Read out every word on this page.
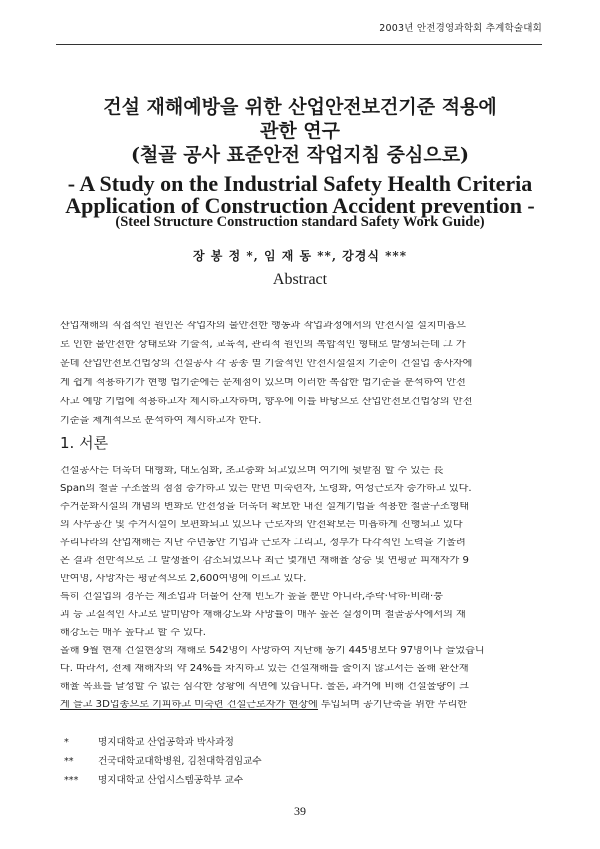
2003년 안전경영과학회 추계학술대회
건설 재해예방을 위한 산업안전보건기준 적용에
관한 연구
(철골 공사 표준안전 작업지침 중심으로)
- A Study on the Industrial Safety Health Criteria
Application of Construction Accident prevention -
(Steel Structure Construction standard Safety Work Guide)
장 봉 정 *, 임 재 동 **, 강경식 ***
Abstract
산업재해의 직접적인 원인은 작업자의 불안전한 행동과 작업과정에서의 안전시설 설치미흡으
로 인한 불안전한 상태로와 기술적, 교육적, 관리적 원인의 복합적인 형태로 발생되는데 그 가
운데 산업안전보건법상의 건설공사 각 공종 별 기술적인 안전시설설치 기준이 건설업 종사자에
게 쉽게 적용하기가 현행 법기준에는 문제점이 있으며 이러한 복잡한 법기준을 분석하여 안전
사고 예방 기법에 적용하고자 제시하고자하며, 향후에 이를 바탕으로 산업안전보건법상의 안전
기준을 체계적으로 분석하여 제시하고자 한다.
1. 서론
건설공사는 더욱더 대형화, 대도심화, 초고층화 되고있으며 여기에 뒷받침 할 수 있는 長
Span의 철골 구조물의 점점 증가하고 있는 반면 미숙련자, 노령화, 여성근로자 증가하고 있다.
주거문화시설의 개념의 변화로 안전성을 더욱더 확보한 내진 설계기법을 적용한 철골구조형태
의 사무공간 및 주거시설이 보편화되고 있으나 근로자의 안전확보는 미흡하게 진행되고 있다
우리나라의 산업재해는 지난 수년동안 기업과 근로자 그리고, 정부가 다각적인 노력을 기울려
온 결과 전반적으로 그 발생율이 감소되었으나 최근 몇개년 재해율 상승 및 연평균 피재자가 9
만여명, 사망자는 평균적으로 2,600여명에 이르고 있다.
특히 건설업의 경우는 제조업과 더불어 산재 빈도가 높을 뿐만 아니라,추락·낙하·비래·붕
괴 등 고질적인 사고로 말미암아 재해강도와 사망률이 매우 높은 실정이며 철골공사에서의 재
해강도는 매우 높다고 할 수 있다.
올해 9월 현재 건설현장의 재해로 542명이 사망하여 지난해 동기 445명보다 97명이나 늘었습니
다. 따라서, 전체 재해자의 약 24%를 차지하고 있는 건설재해를 줄이지 않고서는 올해 환산재
해율 목표를 달성할 수 없는 심각한 상황에 직면에 있습니다. 물론, 과거에 비해 건설물량이 크
게 늘고 3D업종으로 기피하고 미숙련 건설근로자가 현장에 투입되며 공기단축을 위한 무리한
*	명지대학교 산업공학과 박사과정
**	건국대학교대학병원, 김천대학겸임교수
*** 명지대학교 산업시스템공학부 교수
39
